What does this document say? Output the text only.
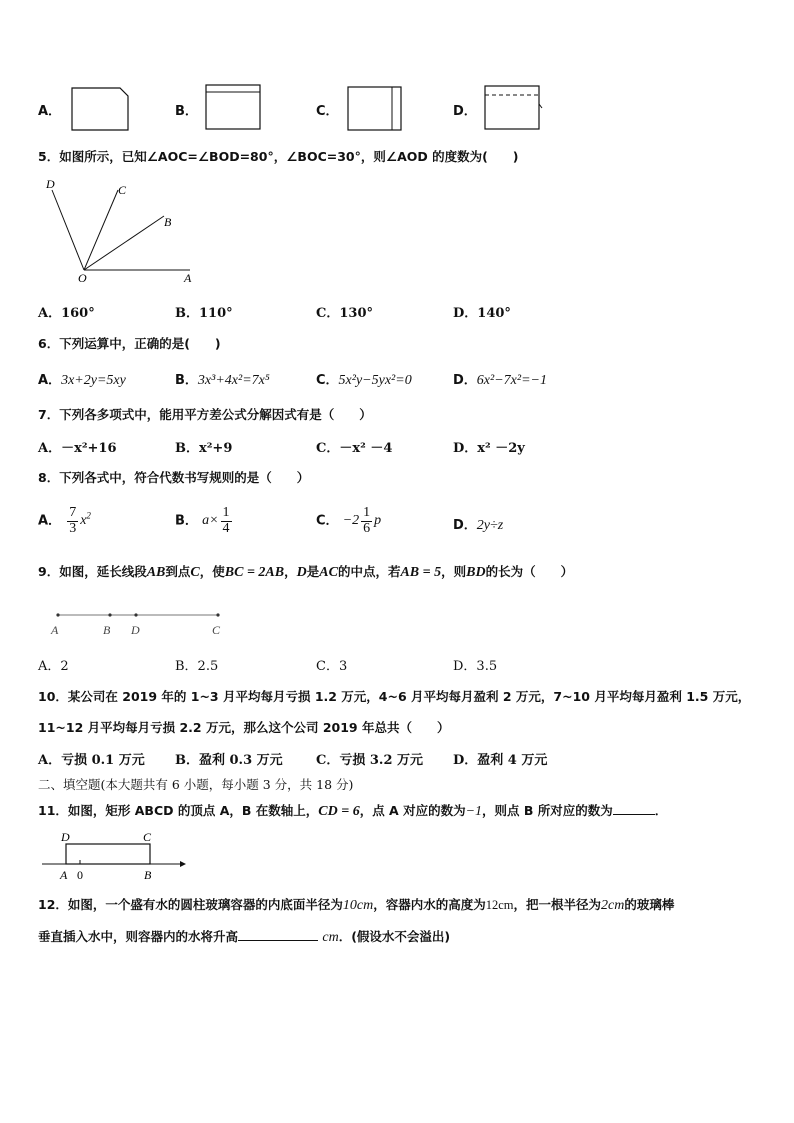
A．	B．	C．	D．
5．如图所示，已知∠AOC=∠BOD=80°，∠BOC=30°，则∠AOD 的度数为(　　)
D	C
B
O	A
A．160°	B．110°	C．130°	D．140°
6．下列运算中，正确的是(　　)
A．3x+2y=5xy	B．3x³+4x²=7x⁵	C．5x²y−5yx²=0	D．6x²−7x²=−1
7．下列各多项式中，能用平方差公式分解因式有是（　　）
A．－x²+16	B．x²+9	C．－x² －4	D．x² －2y
8．下列各式中，符合代数书写规则的是（　　）
A． $\frac{7}{3} x^2$	B． $a\times \frac{1}{4}$	C． $-2 \frac{1}{6}$ p	D．2y÷z
9．如图，延长线段AB到点C，使BC = 2AB，D是AC的中点，若AB = 5，则BD的长为（　　）
A	B D	C
A．2	B．2.5	C．3	D．3.5
10．某公司在 2019 年的 1~3 月平均每月亏损 1.2 万元，4~6 月平均每月盈利 2 万元，7~10 月平均每月盈利 1.5 万元，
11~12 月平均每月亏损 2.2 万元，那么这个公司 2019 年总共（　　）
A．亏损 0.1 万元 B．盈利 0.3 万元	C．亏损 3.2 万元 D．盈利 4 万元
二、填空题(本大题共有 6 小题，每小题 3 分，共 18 分)
11．如图，矩形 ABCD 的顶点 A，B 在数轴上，CD = 6，点 A 对应的数为−1，则点 B 所对应的数为	．
D	C
A 0	B
12．如图，一个盛有水的圆柱玻璃容器的内底面半径为10cm，容器内水的高度为12cm，把一根半径为2cm的玻璃棒
垂直插入水中，则容器内的水将升高	cm．(假设水不会溢出)
